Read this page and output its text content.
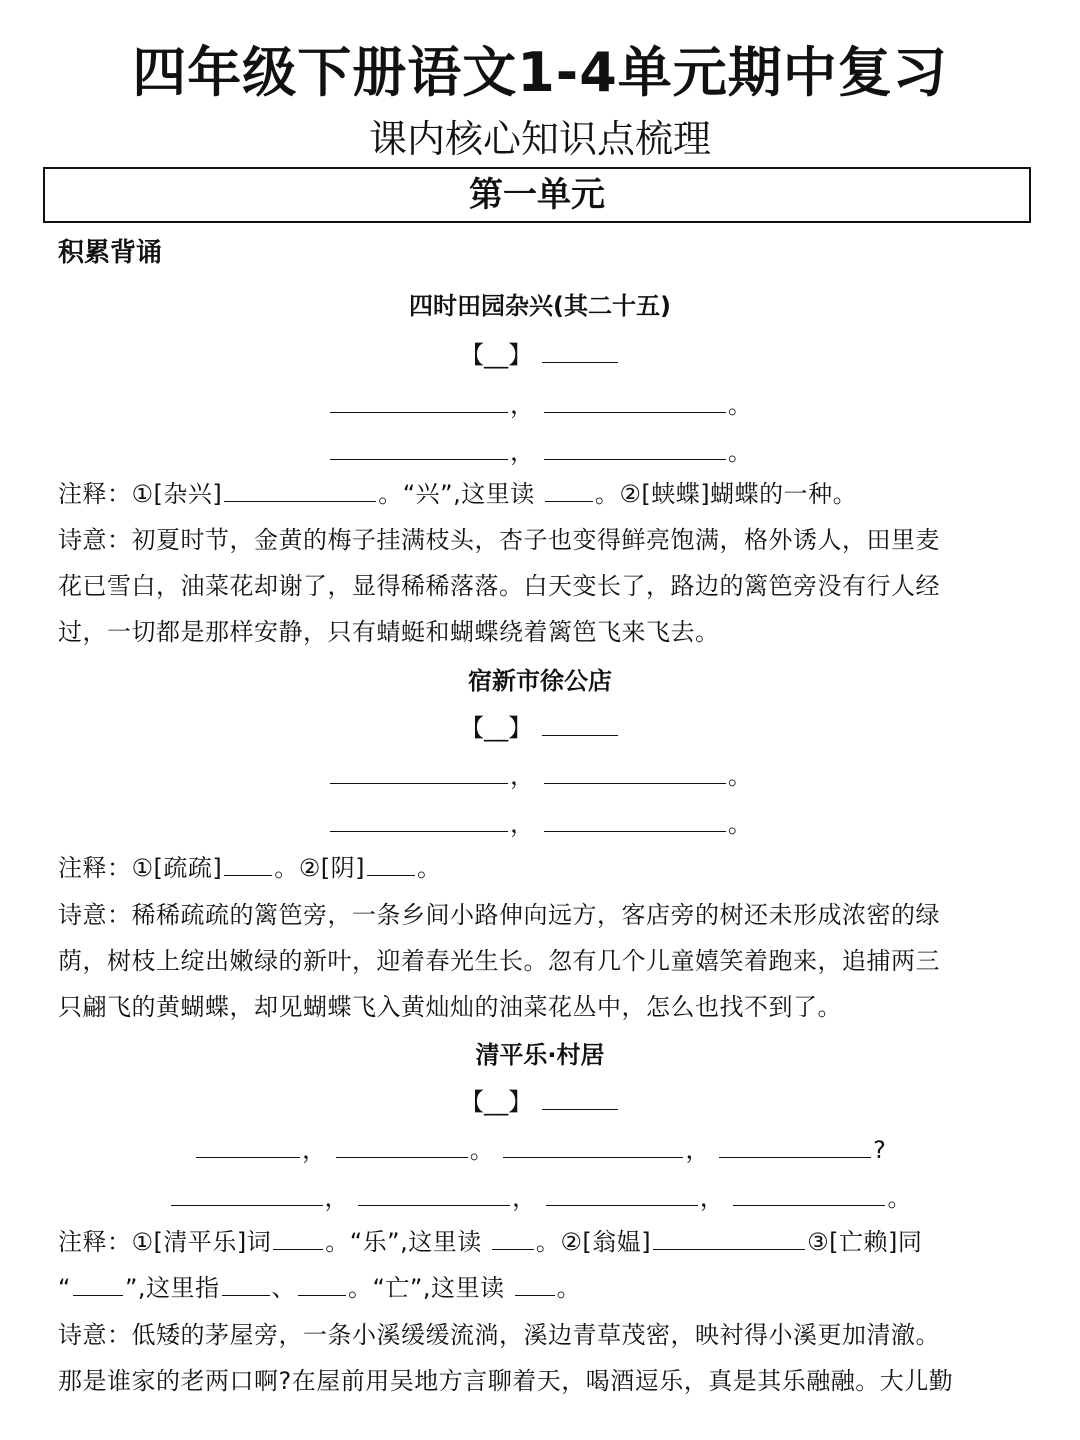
四年级下册语文1-4单元期中复习
课内核心知识点梳理
第一单元
积累背诵
四时田园杂兴(其二十五)
【__】
，	。
，	。
注释：①[杂兴]	。“兴”,这里读	。②[蛱蝶]蝴蝶的一种。
诗意：初夏时节，金黄的梅子挂满枝头，杏子也变得鲜亮饱满，格外诱人，田里麦
花已雪白，油菜花却谢了，显得稀稀落落。白天变长了，路边的篱笆旁没有行人经
过，一切都是那样安静，只有蜻蜓和蝴蝶绕着篱笆飞来飞去。
宿新市徐公店
【__】
，	。
，	。
注释：①[疏疏] 。②[阴] 。
诗意：稀稀疏疏的篱笆旁，一条乡间小路伸向远方，客店旁的树还未形成浓密的绿
荫，树枝上绽出嫩绿的新叶，迎着春光生长。忽有几个儿童嬉笑着跑来，追捕两三
只翩飞的黄蝴蝶，却见蝴蝶飞入黄灿灿的油菜花丛中，怎么也找不到了。
清平乐·村居
【__】
，	。	，	?
，	，	，	。
注释：①[清平乐]词 。“乐”,这里读 。②[翁媪]	③[亡赖]同
“ ”,这里指 、 。“亡”,这里读 。
诗意：低矮的茅屋旁，一条小溪缓缓流淌，溪边青草茂密，映衬得小溪更加清澈。
那是谁家的老两口啊?在屋前用吴地方言聊着天，喝酒逗乐，真是其乐融融。大儿勤
